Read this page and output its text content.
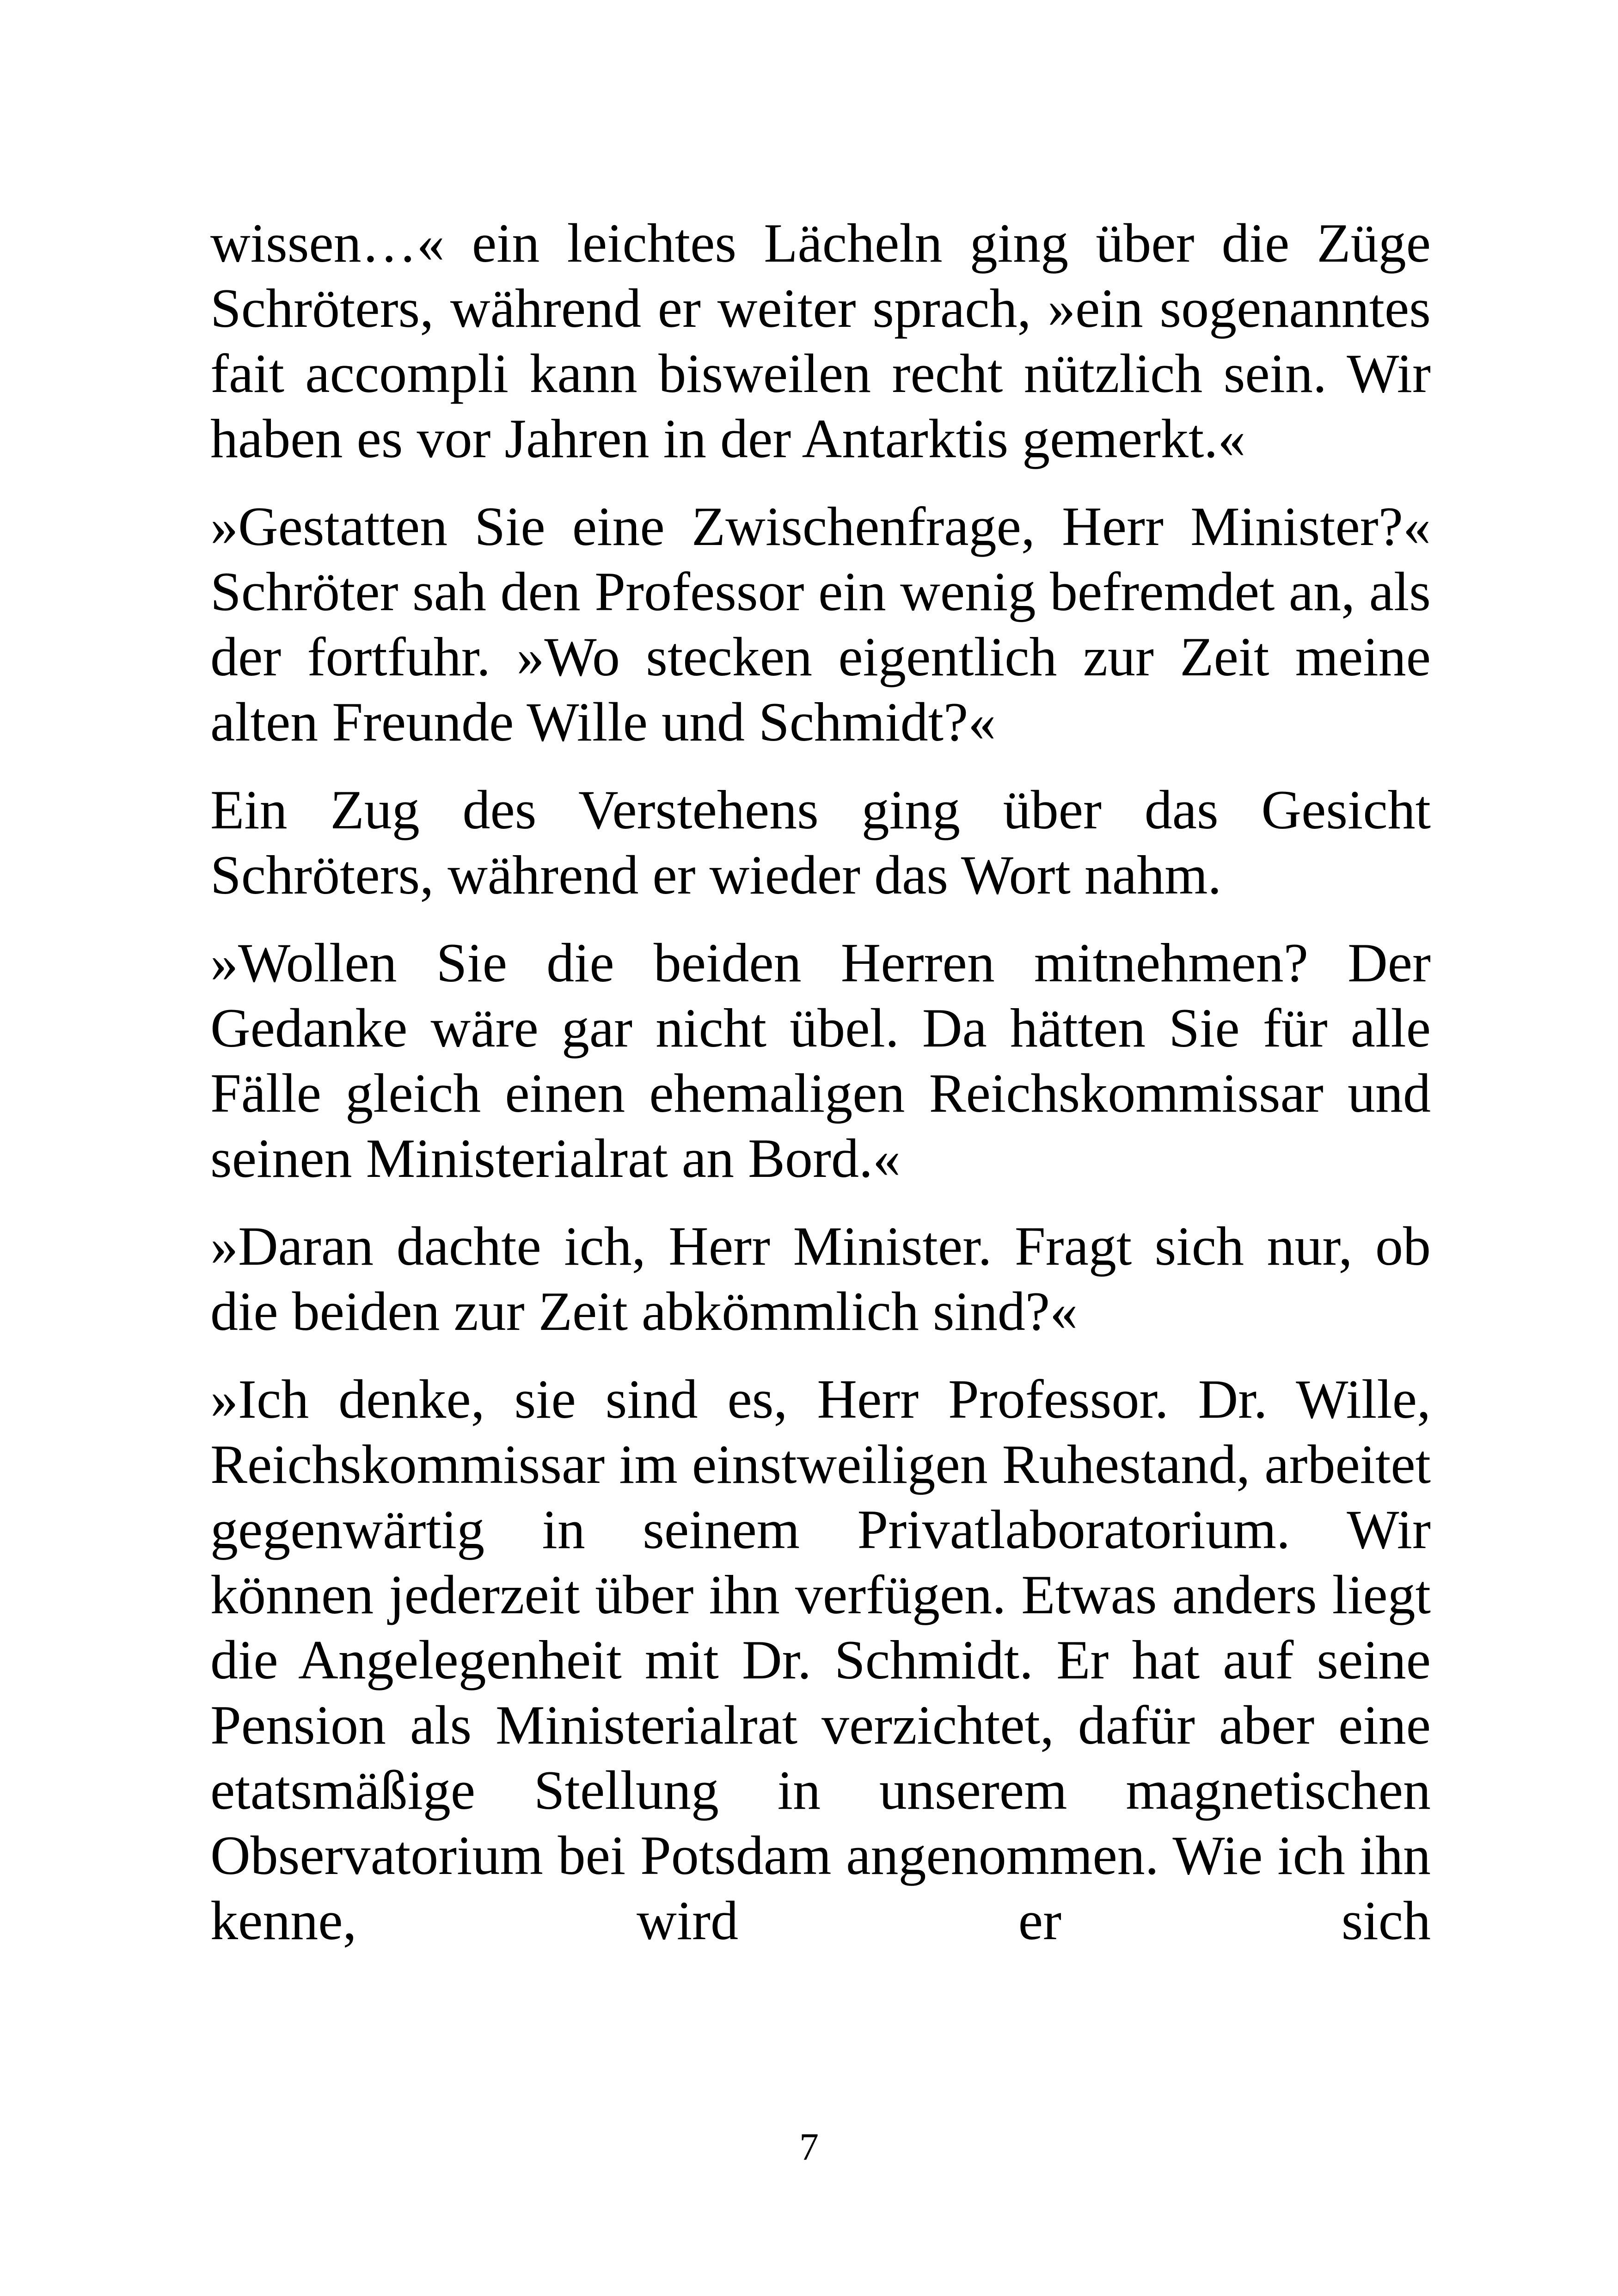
wissen…« ein leichtes Lächeln ging über die Züge Schröters, während er weiter sprach, »ein sogenanntes fait accompli kann bisweilen recht nützlich sein. Wir haben es vor Jahren in der Antarktis gemerkt.«

»Gestatten Sie eine Zwischenfrage, Herr Minister?« Schröter sah den Professor ein wenig befremdet an, als der fortfuhr. »Wo stecken eigentlich zur Zeit meine alten Freunde Wille und Schmidt?«

Ein Zug des Verstehens ging über das Gesicht Schröters, während er wieder das Wort nahm.

»Wollen Sie die beiden Herren mitnehmen? Der Gedanke wäre gar nicht übel. Da hätten Sie für alle Fälle gleich einen ehemaligen Reichskommissar und seinen Ministerialrat an Bord.«

»Daran dachte ich, Herr Minister. Fragt sich nur, ob die beiden zur Zeit abkömmlich sind?«

»Ich denke, sie sind es, Herr Professor. Dr. Wille, Reichskommissar im einstweiligen Ruhestand, arbeitet gegenwärtig in seinem Privatlaboratorium. Wir können jederzeit über ihn verfügen. Etwas anders liegt die Angelegenheit mit Dr. Schmidt. Er hat auf seine Pension als Ministerialrat verzichtet, dafür aber eine etatsmäßige Stellung in unserem magnetischen Observatorium bei Potsdam angenommen. Wie ich ihn kenne, wird er sich

7
